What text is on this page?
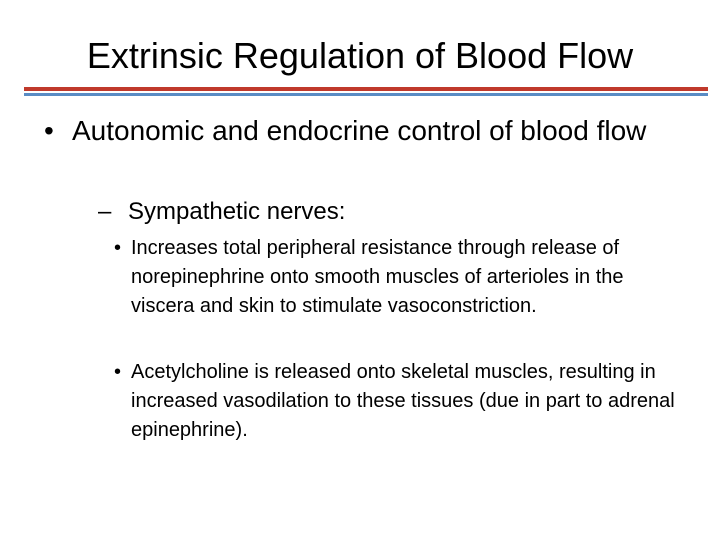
Extrinsic Regulation of Blood Flow
• Autonomic and endocrine control of blood flow
– Sympathetic nerves:
• Increases total peripheral resistance through release of norepinephrine onto smooth muscles of arterioles in the viscera and skin to stimulate vasoconstriction.
• Acetylcholine is released onto skeletal muscles, resulting in increased vasodilation to these tissues (due in part to adrenal epinephrine).
